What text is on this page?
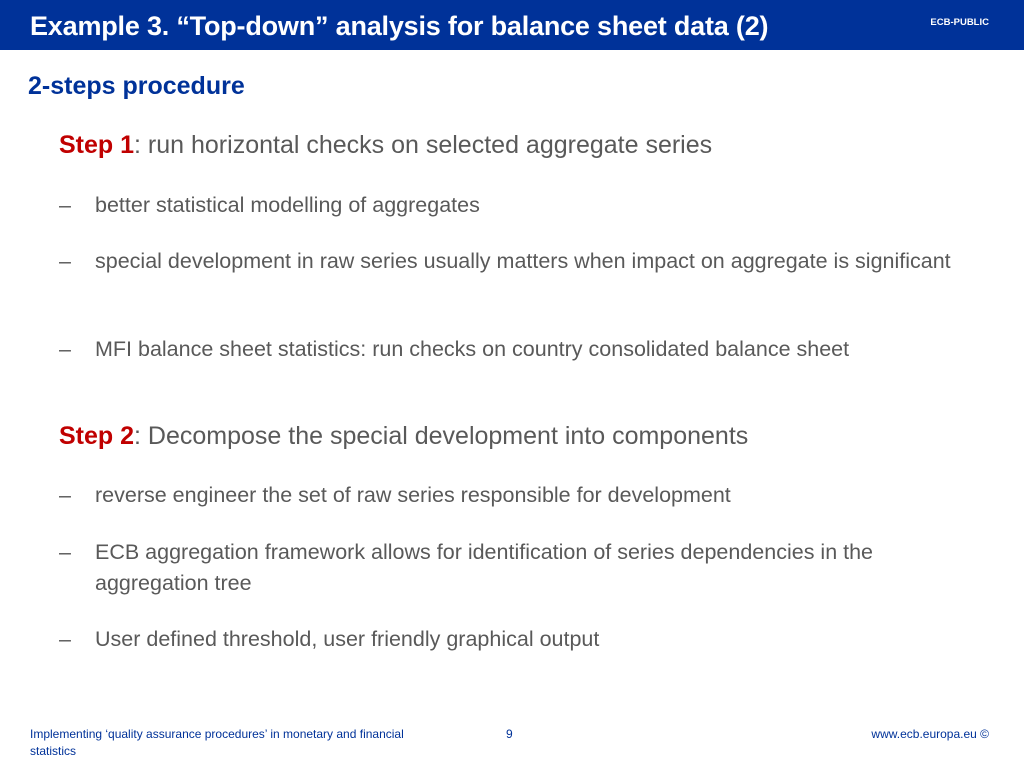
Example 3. “Top-down” analysis for balance sheet data (2)	ECB-PUBLIC
2-steps procedure
Step 1: run horizontal checks on selected aggregate series
– better statistical modelling of aggregates
– special development in raw series usually matters when impact on aggregate is significant
– MFI balance sheet statistics: run checks on country consolidated balance sheet
Step 2: Decompose the special development into components
– reverse engineer the set of raw series responsible for development
– ECB aggregation framework allows for identification of series dependencies in the aggregation tree
– User defined threshold, user friendly graphical output
Implementing ‘quality assurance procedures’ in monetary and financial statistics
9	www.ecb.europa.eu ©
